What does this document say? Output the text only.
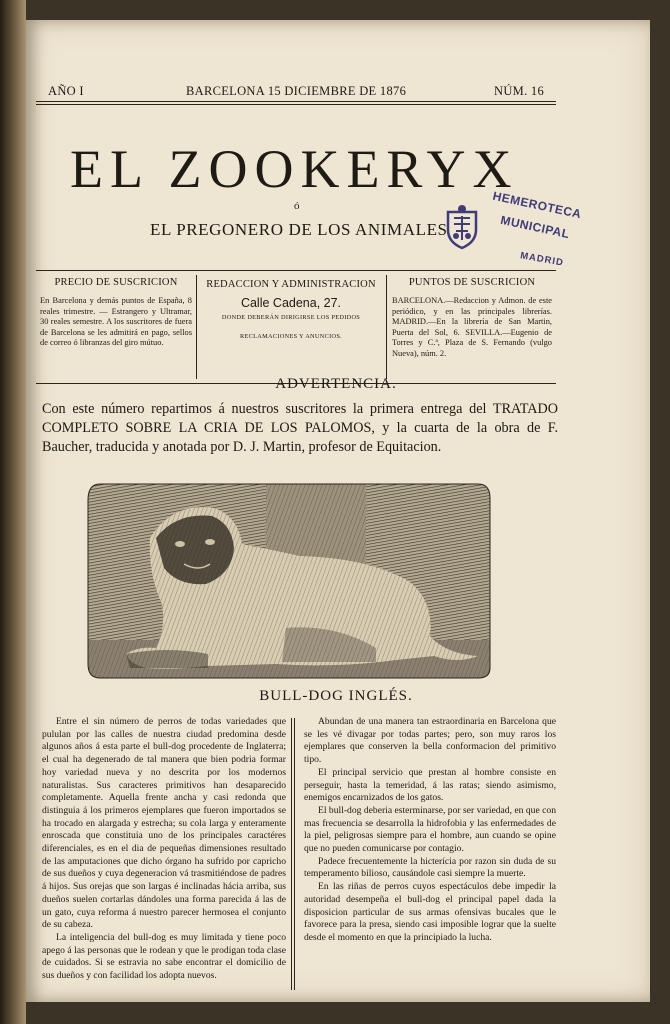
AÑO I	BARCELONA 15 DICIEMBRE DE 1876	NÚM. 16
EL ZOOKERYX
ó
EL PREGONERO DE LOS ANIMALES
HEMEROTECA
MUNICIPAL
MADRID
PRECIO DE SUSCRICION
En Barcelona y demás puntos de España, 8 reales trimestre. — Estrangero y Ultramar, 30 reales semestre. A los suscritores de fuera de Barcelona se les admitirá en pago, sellos de correo ó libranzas del giro mútuo.
REDACCION Y ADMINISTRACION
Calle Cadena, 27.
DONDE DEBERÁN DIRIGIRSE LOS PEDIDOS
RECLAMACIONES Y ANUNCIOS.
PUNTOS DE SUSCRICION
BARCELONA.—Redaccion y Admon. de este periódico, y en las principales librerías. MADRID.—En la librería de San Martin, Puerta del Sol, 6. SEVILLA.—Eugenio de Torres y C.ª, Plaza de S. Fernando (vulgo Nueva), núm. 2.
ADVERTENCIA.
Con este número repartimos á nuestros suscritores la primera entrega del TRATADO COMPLETO SOBRE LA CRIA DE LOS PALOMOS, y la cuarta de la obra de F. Baucher, traducida y anotada por D. J. Martin, profesor de Equitacion.
BULL-DOG INGLÉS.

Entre el sin número de perros de todas variedades que pululan por las calles de nuestra ciudad predomina desde algunos años á esta parte el bull-dog procedente de Inglaterra; el cual ha degenerado de tal manera que bien podria formar hoy variedad nueva y no descrita por los modernos naturalistas. Sus caracteres primitivos han desaparecido completamente. Aquella frente ancha y casi redonda que distinguia á los primeros ejemplares que fueron importados se ha trocado en alargada y estrecha; su cola larga y enteramente enroscada que constituia uno de los principales caractéres diferenciales, es en el dia de pequeñas dimensiones resultado de las amputaciones que dicho órgano ha sufrido por capricho de sus dueños y cuya degeneracion vá trasmitiéndose de padres á hijos. Sus orejas que son largas é inclinadas hácia arriba, sus dueños suelen cortarlas dándoles una forma parecida á las de un gato, cuya reforma á nuestro parecer hermosea el conjunto de su cabeza.

La inteligencia del bull-dog es muy limitada y tiene poco apego á las personas que le rodean y que le prodigan toda clase de cuidados. Si se estravia no sabe encontrar el domicilio de sus dueños y con facilidad los adopta nuevos.

Abundan de una manera tan estraordinaria en Barcelona que se les vé divagar por todas partes; pero, son muy raros los ejemplares que conserven la bella conformacion del primitivo tipo.

El principal servicio que prestan al hombre consiste en perseguir, hasta la temeridad, á las ratas; siendo asimismo, enemigos encarnizados de los gatos.

El bull-dog deberia esterminarse, por ser variedad, en que con mas frecuencia se desarrolla la hidrofobia y las enfermedades de la piel, peligrosas siempre para el hombre, aun cuando se opine que no pueden comunicarse por contagio.

Padece frecuentemente la hicterícia por razon sin duda de su temperamento bilioso, causándole casi siempre la muerte.

En las riñas de perros cuyos espectáculos debe impedir la autoridad desempeña el bull-dog el principal papel dada la disposicion particular de sus armas ofensivas bucales que le favorece para la presa, siendo casi imposible lograr que la suelte desde el momento en que la principiado la lucha.
